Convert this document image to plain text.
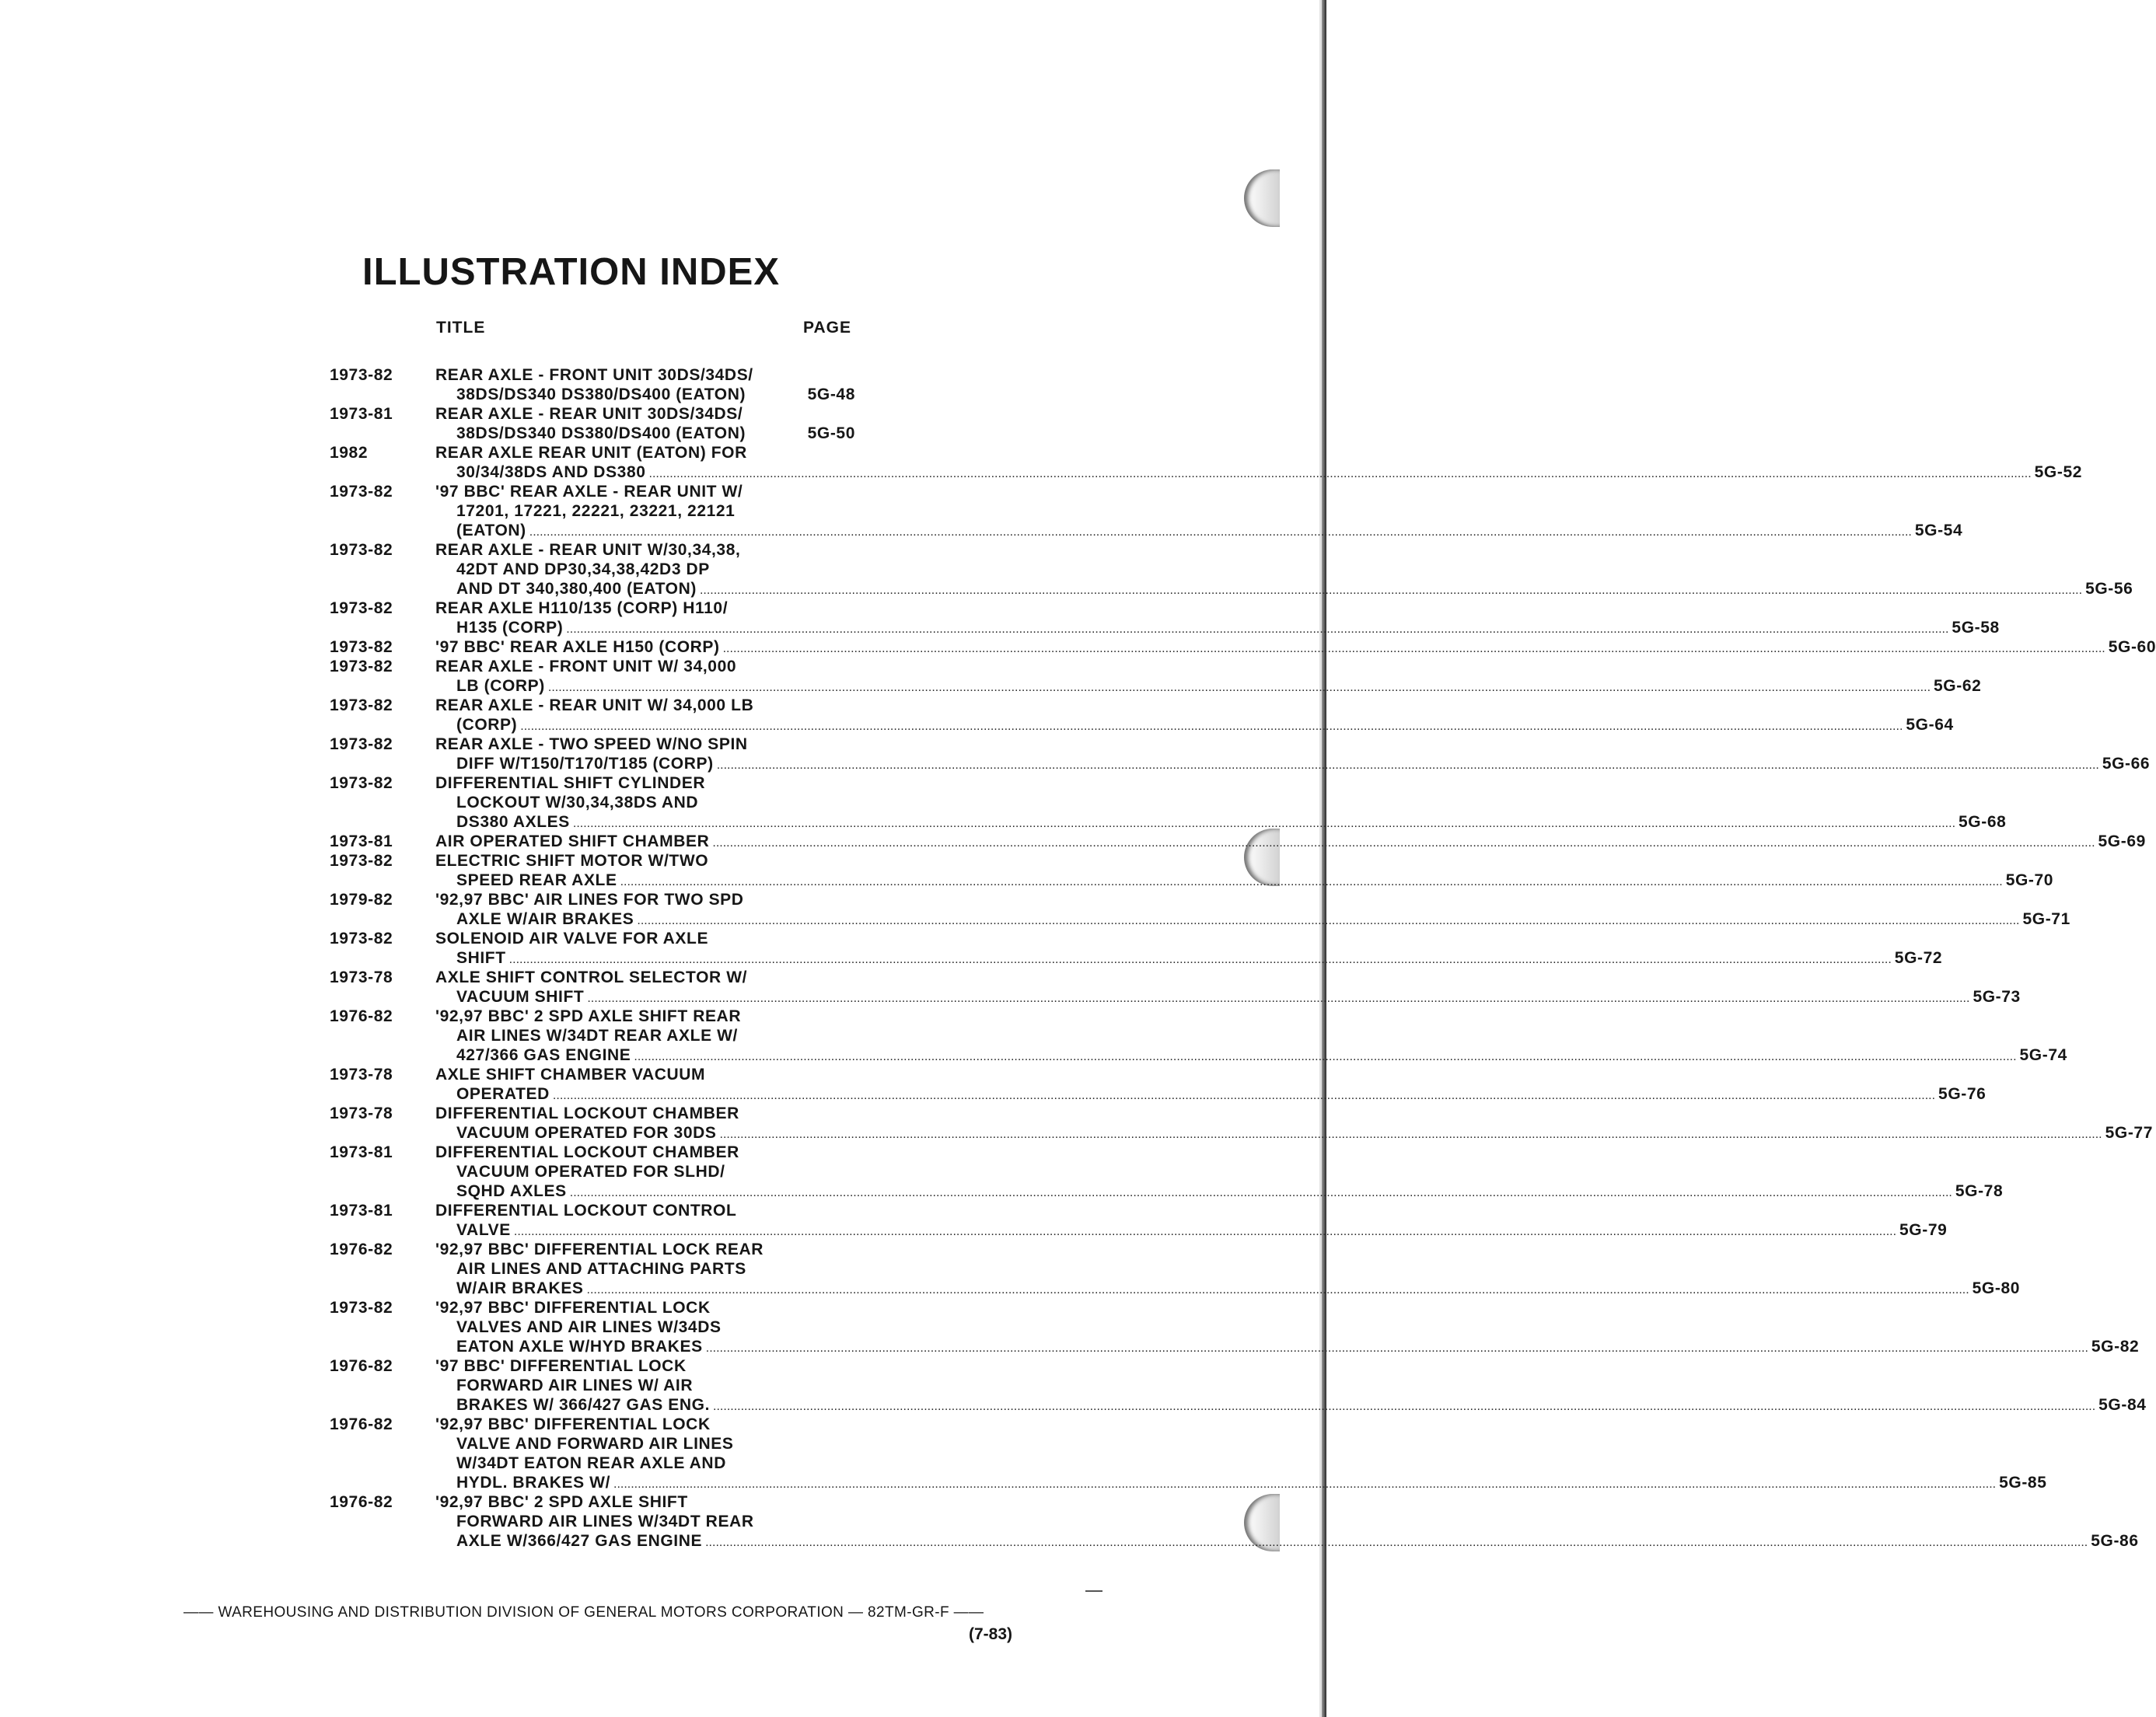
ILLUSTRATION INDEX
TITLE	PAGE
1973-82	REAR AXLE - FRONT UNIT 30DS/34DS/
38DS/DS340 DS380/DS400 (EATON)	5G-48
1973-81	REAR AXLE - REAR UNIT 30DS/34DS/
38DS/DS340 DS380/DS400 (EATON)	5G-50
1982	REAR AXLE REAR UNIT (EATON) FOR
30/34/38DS AND DS380 ................................................................................................................................................................................................................................................................................................................................................................................................................ 5G-52
1973-82	'97 BBC' REAR AXLE - REAR UNIT W/
17201, 17221, 22221, 23221, 22121
(EATON) ................................................................................................................................................................................................................................................................................................................................................................................................................ 5G-54
1973-82	REAR AXLE - REAR UNIT W/30,34,38,
42DT AND DP30,34,38,42D3 DP
AND DT 340,380,400 (EATON) ................................................................................................................................................................................................................................................................................................................................................................................................................ 5G-56
1973-82	REAR AXLE H110/135 (CORP) H110/
H135 (CORP) ................................................................................................................................................................................................................................................................................................................................................................................................................ 5G-58
1973-82	'97 BBC' REAR AXLE H150 (CORP) ................................................................................................................................................................................................................................................................................................................................................................................................................ 5G-60
1973-82	REAR AXLE - FRONT UNIT W/ 34,000
LB (CORP) ................................................................................................................................................................................................................................................................................................................................................................................................................ 5G-62
1973-82	REAR AXLE - REAR UNIT W/ 34,000 LB
(CORP) ................................................................................................................................................................................................................................................................................................................................................................................................................ 5G-64
1973-82	REAR AXLE - TWO SPEED W/NO SPIN
DIFF W/T150/T170/T185 (CORP) ................................................................................................................................................................................................................................................................................................................................................................................................................ 5G-66
1973-82	DIFFERENTIAL SHIFT CYLINDER
LOCKOUT W/30,34,38DS AND
DS380 AXLES ................................................................................................................................................................................................................................................................................................................................................................................................................ 5G-68
1973-81	AIR OPERATED SHIFT CHAMBER ................................................................................................................................................................................................................................................................................................................................................................................................................ 5G-69
1973-82	ELECTRIC SHIFT MOTOR W/TWO
SPEED REAR AXLE ................................................................................................................................................................................................................................................................................................................................................................................................................ 5G-70
1979-82	'92,97 BBC' AIR LINES FOR TWO SPD
AXLE W/AIR BRAKES ................................................................................................................................................................................................................................................................................................................................................................................................................ 5G-71
1973-82	SOLENOID AIR VALVE FOR AXLE
SHIFT ................................................................................................................................................................................................................................................................................................................................................................................................................ 5G-72
1973-78	AXLE SHIFT CONTROL SELECTOR W/
VACUUM SHIFT ................................................................................................................................................................................................................................................................................................................................................................................................................ 5G-73
1976-82	'92,97 BBC' 2 SPD AXLE SHIFT REAR
AIR LINES W/34DT REAR AXLE W/
427/366 GAS ENGINE ................................................................................................................................................................................................................................................................................................................................................................................................................ 5G-74
1973-78	AXLE SHIFT CHAMBER VACUUM
OPERATED ................................................................................................................................................................................................................................................................................................................................................................................................................ 5G-76
1973-78	DIFFERENTIAL LOCKOUT CHAMBER
VACUUM OPERATED FOR 30DS ................................................................................................................................................................................................................................................................................................................................................................................................................ 5G-77
1973-81	DIFFERENTIAL LOCKOUT CHAMBER
VACUUM OPERATED FOR SLHD/
SQHD AXLES ................................................................................................................................................................................................................................................................................................................................................................................................................ 5G-78
1973-81	DIFFERENTIAL LOCKOUT CONTROL
VALVE ................................................................................................................................................................................................................................................................................................................................................................................................................ 5G-79
1976-82	'92,97 BBC' DIFFERENTIAL LOCK REAR
AIR LINES AND ATTACHING PARTS
W/AIR BRAKES ................................................................................................................................................................................................................................................................................................................................................................................................................ 5G-80
1973-82	'92,97 BBC' DIFFERENTIAL LOCK
VALVES AND AIR LINES W/34DS
EATON AXLE W/HYD BRAKES ................................................................................................................................................................................................................................................................................................................................................................................................................ 5G-82
1976-82	'97 BBC' DIFFERENTIAL LOCK
FORWARD AIR LINES W/ AIR
BRAKES W/ 366/427 GAS ENG. ................................................................................................................................................................................................................................................................................................................................................................................................................ 5G-84
1976-82	'92,97 BBC' DIFFERENTIAL LOCK
VALVE AND FORWARD AIR LINES
W/34DT EATON REAR AXLE AND
HYDL. BRAKES W/ ................................................................................................................................................................................................................................................................................................................................................................................................................ 5G-85
1976-82	'92,97 BBC' 2 SPD AXLE SHIFT
FORWARD AIR LINES W/34DT REAR
AXLE W/366/427 GAS ENGINE ................................................................................................................................................................................................................................................................................................................................................................................................................ 5G-86
—— WAREHOUSING AND DISTRIBUTION DIVISION OF GENERAL MOTORS CORPORATION — 82TM-GR-F ——
(7-83)
